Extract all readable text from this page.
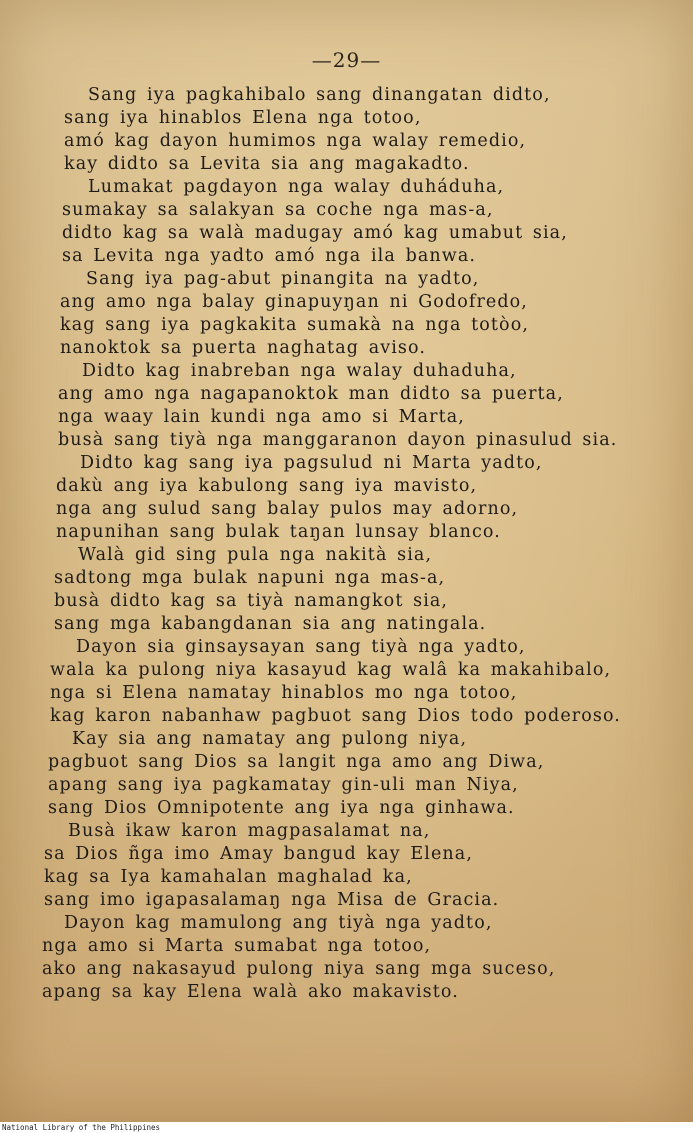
—29—
Sang iya pagkahibalo sang dinangatan didto,
sang iya hinablos Elena nga totoo,
amó kag dayon humimos nga walay remedio,
kay didto sa Levita sia ang magakadto.
Lumakat pagdayon nga walay duháduha,
sumakay sa salakyan sa coche nga mas-a,
didto kag sa walà madugay amó kag umabut sia,
sa Levita nga yadto amó nga ila banwa.
Sang iya pag-abut pinangita na yadto,
ang amo nga balay ginapuyŋan ni Godofredo,
kag sang iya pagkakita sumakà na nga totòo,
nanoktok sa puerta naghatag aviso.
Didto kag inabreban nga walay duhaduha,
ang amo nga nagapanoktok man didto sa puerta,
nga waay lain kundi nga amo si Marta,
busà sang tiyà nga manggaranon dayon pinasulud sia.
Didto kag sang iya pagsulud ni Marta yadto,
dakù ang iya kabulong sang iya mavisto,
nga ang sulud sang balay pulos may adorno,
napunihan sang bulak taŋan lunsay blanco.
Walà gid sing pula nga nakità sia,
sadtong mga bulak napuni nga mas-a,
busà didto kag sa tiyà namangkot sia,
sang mga kabangdanan sia ang natingala.
Dayon sia ginsaysayan sang tiyà nga yadto,
wala ka pulong niya kasayud kag walâ ka makahibalo,
nga si Elena namatay hinablos mo nga totoo,
kag karon nabanhaw pagbuot sang Dios todo poderoso.
Kay sia ang namatay ang pulong niya,
pagbuot sang Dios sa langit nga amo ang Diwa,
apang sang iya pagkamatay gin-uli man Niya,
sang Dios Omnipotente ang iya nga ginhawa.
Busà ikaw karon magpasalamat na,
sa Dios ñga imo Amay bangud kay Elena,
kag sa Iya kamahalan maghalad ka,
sang imo igapasalamaŋ nga Misa de Gracia.
Dayon kag mamulong ang tiyà nga yadto,
nga amo si Marta sumabat nga totoo,
ako ang nakasayud pulong niya sang mga suceso,
apang sa kay Elena walà ako makavisto.
National Library of the Philippines
